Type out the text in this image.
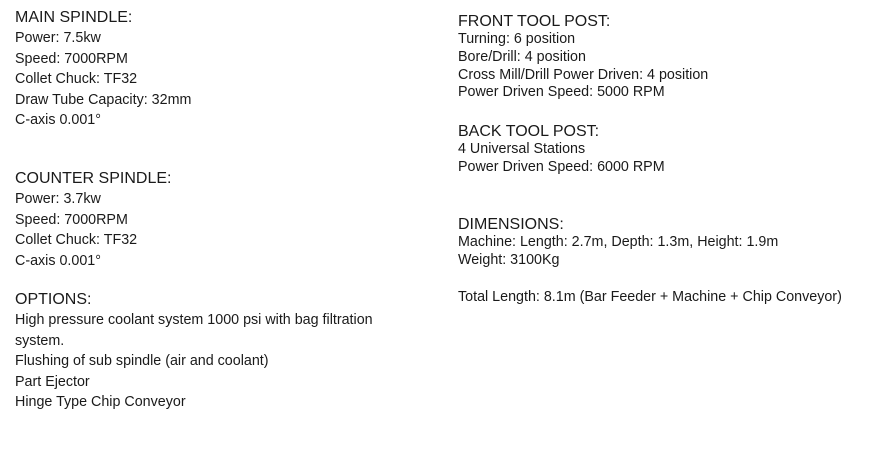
MAIN SPINDLE:
Power: 7.5kw
Speed: 7000RPM
Collet Chuck: TF32
Draw Tube Capacity: 32mm
C-axis 0.001°
COUNTER SPINDLE:
Power: 3.7kw
Speed: 7000RPM
Collet Chuck: TF32
C-axis 0.001°
OPTIONS:
High pressure coolant system 1000 psi with bag filtration system.
Flushing of sub spindle (air and coolant)
Part Ejector
Hinge Type Chip Conveyor
FRONT TOOL POST:
Turning: 6 position
Bore/Drill: 4 position
Cross Mill/Drill Power Driven: 4 position
Power Driven Speed: 5000 RPM
BACK TOOL POST:
4 Universal Stations
Power Driven Speed: 6000 RPM
DIMENSIONS:
Machine: Length: 2.7m, Depth: 1.3m, Height: 1.9m
Weight: 3100Kg
Total Length: 8.1m (Bar Feeder + Machine + Chip Conveyor)
